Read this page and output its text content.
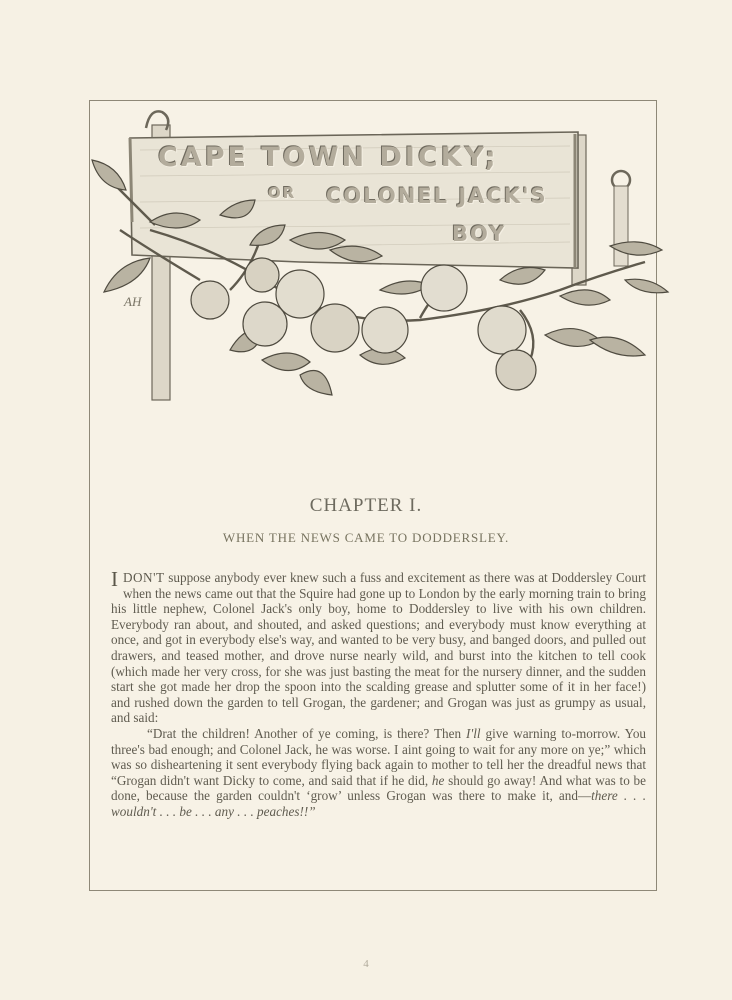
CAPE TOWN DICKY;
OR COLONEL JACK'S
BOY
AH
CHAPTER I.
WHEN THE NEWS CAME TO DODDERSLEY.

IDON'T suppose anybody ever knew such a fuss and excitement as there was at Doddersley Court when the news came out that the Squire had gone up to London by the early morning train to bring his little nephew, Colonel Jack's only boy, home to Doddersley to live with his own children. Everybody ran about, and shouted, and asked questions; and everybody must know everything at once, and got in everybody else's way, and wanted to be very busy, and banged doors, and pulled out drawers, and teased mother, and drove nurse nearly wild, and burst into the kitchen to tell cook (which made her very cross, for she was just basting the meat for the nursery dinner, and the sudden start she got made her drop the spoon into the scalding grease and splutter some of it in her face!) and rushed down the garden to tell Grogan, the gardener; and Grogan was just as grumpy as usual, and said:

“Drat the children! Another of ye coming, is there? Then I'll give warning to-morrow. You three's bad enough; and Colonel Jack, he was worse. I aint going to wait for any more on ye;” which was so disheartening it sent everybody flying back again to mother to tell her the dreadful news that “Grogan didn't want Dicky to come, and said that if he did, he should go away! And what was to be done, because the garden couldn't ‘grow’ unless Grogan was there to make it, and—there . . . wouldn't . . . be . . . any . . . peaches!!”

4
